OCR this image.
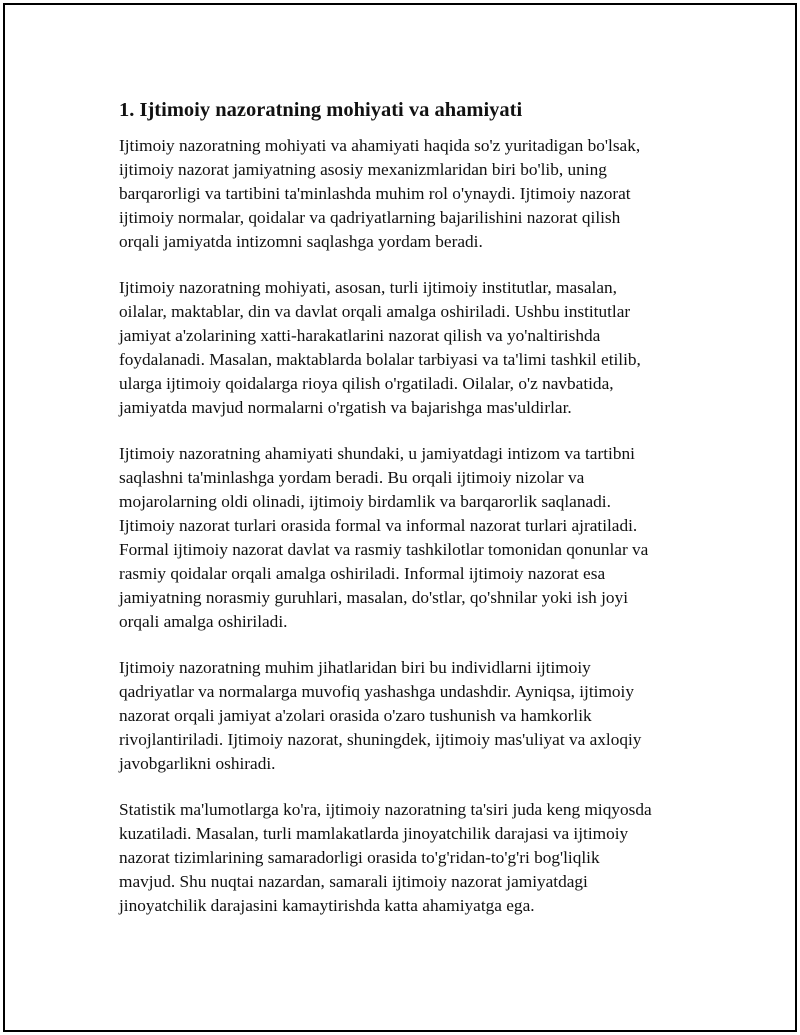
1. Ijtimoiy nazoratning mohiyati va ahamiyati

Ijtimoiy nazoratning mohiyati va ahamiyati haqida so'z yuritadigan bo'lsak,
ijtimoiy nazorat jamiyatning asosiy mexanizmlaridan biri bo'lib, uning
barqarorligi va tartibini ta'minlashda muhim rol o'ynaydi. Ijtimoiy nazorat
ijtimoiy normalar, qoidalar va qadriyatlarning bajarilishini nazorat qilish
orqali jamiyatda intizomni saqlashga yordam beradi.

Ijtimoiy nazoratning mohiyati, asosan, turli ijtimoiy institutlar, masalan,
oilalar, maktablar, din va davlat orqali amalga oshiriladi. Ushbu institutlar
jamiyat a'zolarining xatti-harakatlarini nazorat qilish va yo'naltirishda
foydalanadi. Masalan, maktablarda bolalar tarbiyasi va ta'limi tashkil etilib,
ularga ijtimoiy qoidalarga rioya qilish o'rgatiladi. Oilalar, o'z navbatida,
jamiyatda mavjud normalarni o'rgatish va bajarishga mas'uldirlar.

Ijtimoiy nazoratning ahamiyati shundaki, u jamiyatdagi intizom va tartibni
saqlashni ta'minlashga yordam beradi. Bu orqali ijtimoiy nizolar va
mojarolarning oldi olinadi, ijtimoiy birdamlik va barqarorlik saqlanadi.
Ijtimoiy nazorat turlari orasida formal va informal nazorat turlari ajratiladi.
Formal ijtimoiy nazorat davlat va rasmiy tashkilotlar tomonidan qonunlar va
rasmiy qoidalar orqali amalga oshiriladi. Informal ijtimoiy nazorat esa
jamiyatning norasmiy guruhlari, masalan, do'stlar, qo'shnilar yoki ish joyi
orqali amalga oshiriladi.

Ijtimoiy nazoratning muhim jihatlaridan biri bu individlarni ijtimoiy
qadriyatlar va normalarga muvofiq yashashga undashdir. Ayniqsa, ijtimoiy
nazorat orqali jamiyat a'zolari orasida o'zaro tushunish va hamkorlik
rivojlantiriladi. Ijtimoiy nazorat, shuningdek, ijtimoiy mas'uliyat va axloqiy
javobgarlikni oshiradi.

Statistik ma'lumotlarga ko'ra, ijtimoiy nazoratning ta'siri juda keng miqyosda
kuzatiladi. Masalan, turli mamlakatlarda jinoyatchilik darajasi va ijtimoiy
nazorat tizimlarining samaradorligi orasida to'g'ridan-to'g'ri bog'liqlik
mavjud. Shu nuqtai nazardan, samarali ijtimoiy nazorat jamiyatdagi
jinoyatchilik darajasini kamaytirishda katta ahamiyatga ega.
